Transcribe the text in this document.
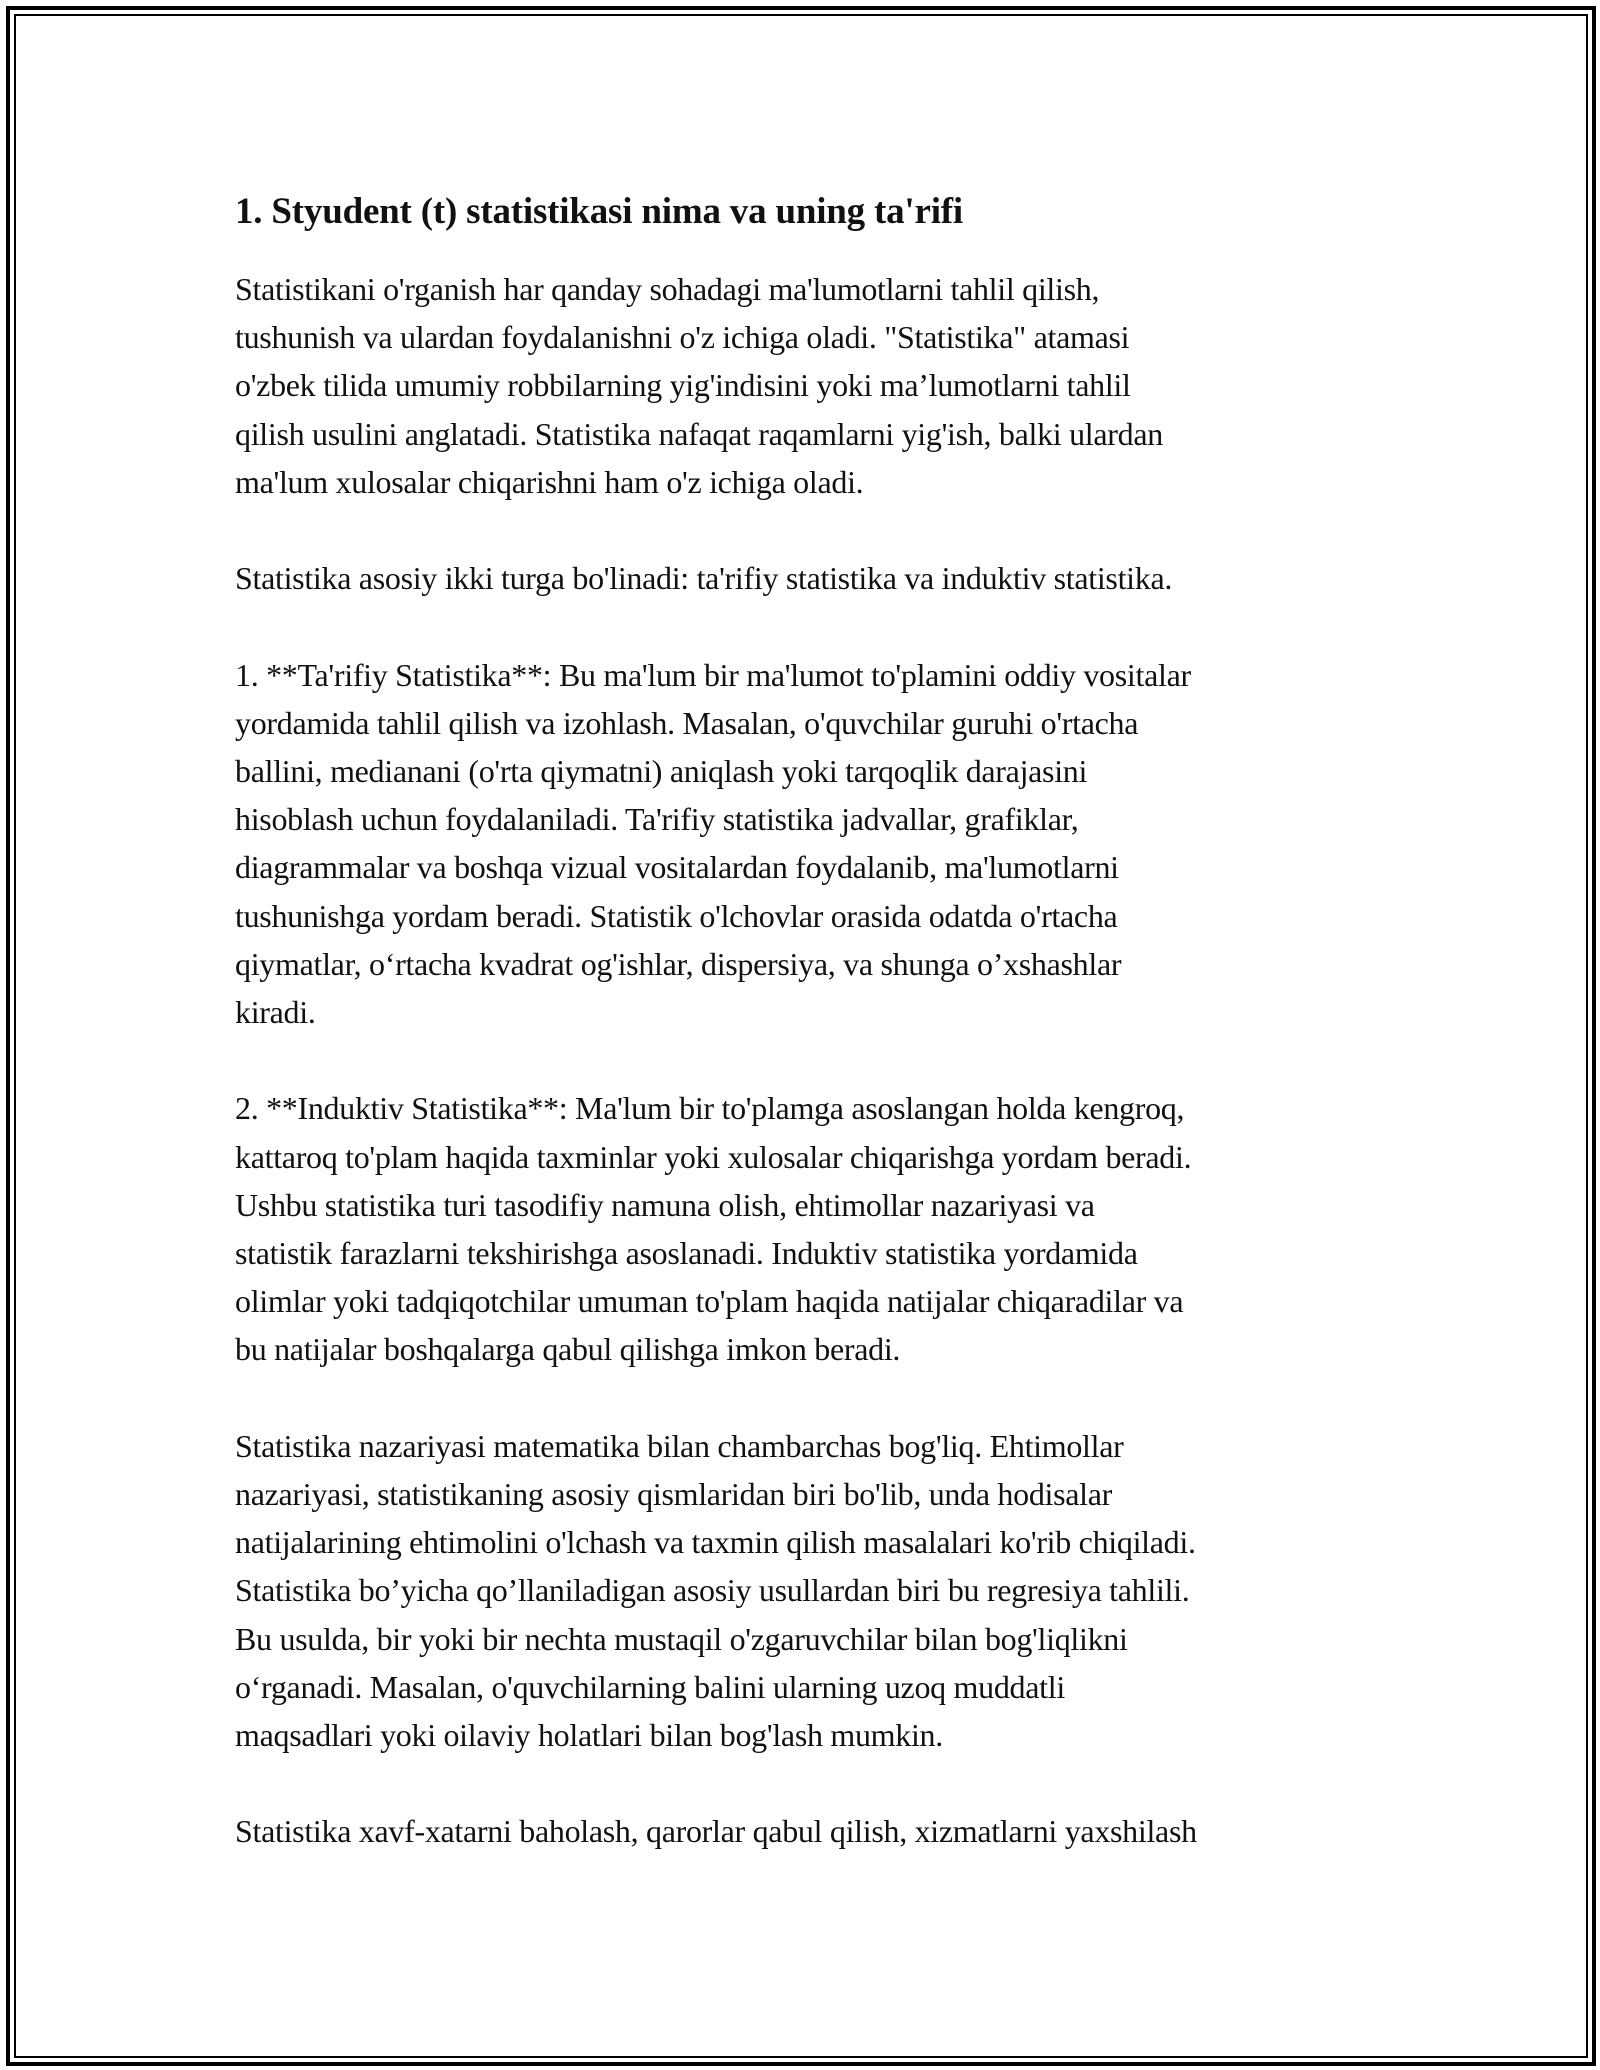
1. Styudent (t) statistikasi nima va uning ta'rifi

Statistikani o'rganish har qanday sohadagi ma'lumotlarni tahlil qilish,
tushunish va ulardan foydalanishni o'z ichiga oladi. "Statistika" atamasi
o'zbek tilida umumiy robbilarning yig'indisini yoki ma’lumotlarni tahlil
qilish usulini anglatadi. Statistika nafaqat raqamlarni yig'ish, balki ulardan
ma'lum xulosalar chiqarishni ham o'z ichiga oladi.

Statistika asosiy ikki turga bo'linadi: ta'rifiy statistika va induktiv statistika.

1. **Ta'rifiy Statistika**: Bu ma'lum bir ma'lumot to'plamini oddiy vositalar
yordamida tahlil qilish va izohlash. Masalan, o'quvchilar guruhi o'rtacha
ballini, medianani (o'rta qiymatni) aniqlash yoki tarqoqlik darajasini
hisoblash uchun foydalaniladi. Ta'rifiy statistika jadvallar, grafiklar,
diagrammalar va boshqa vizual vositalardan foydalanib, ma'lumotlarni
tushunishga yordam beradi. Statistik o'lchovlar orasida odatda o'rtacha
qiymatlar, o‘rtacha kvadrat og'ishlar, dispersiya, va shunga o’xshashlar
kiradi.

2. **Induktiv Statistika**: Ma'lum bir to'plamga asoslangan holda kengroq,
kattaroq to'plam haqida taxminlar yoki xulosalar chiqarishga yordam beradi.
Ushbu statistika turi tasodifiy namuna olish, ehtimollar nazariyasi va
statistik farazlarni tekshirishga asoslanadi. Induktiv statistika yordamida
olimlar yoki tadqiqotchilar umuman to'plam haqida natijalar chiqaradilar va
bu natijalar boshqalarga qabul qilishga imkon beradi.

Statistika nazariyasi matematika bilan chambarchas bog'liq. Ehtimollar
nazariyasi, statistikaning asosiy qismlaridan biri bo'lib, unda hodisalar
natijalarining ehtimolini o'lchash va taxmin qilish masalalari ko'rib chiqiladi.
Statistika bo’yicha qo’llaniladigan asosiy usullardan biri bu regresiya tahlili.
Bu usulda, bir yoki bir nechta mustaqil o'zgaruvchilar bilan bog'liqlikni
o‘rganadi. Masalan, o'quvchilarning balini ularning uzoq muddatli
maqsadlari yoki oilaviy holatlari bilan bog'lash mumkin.

Statistika xavf-xatarni baholash, qarorlar qabul qilish, xizmatlarni yaxshilash
